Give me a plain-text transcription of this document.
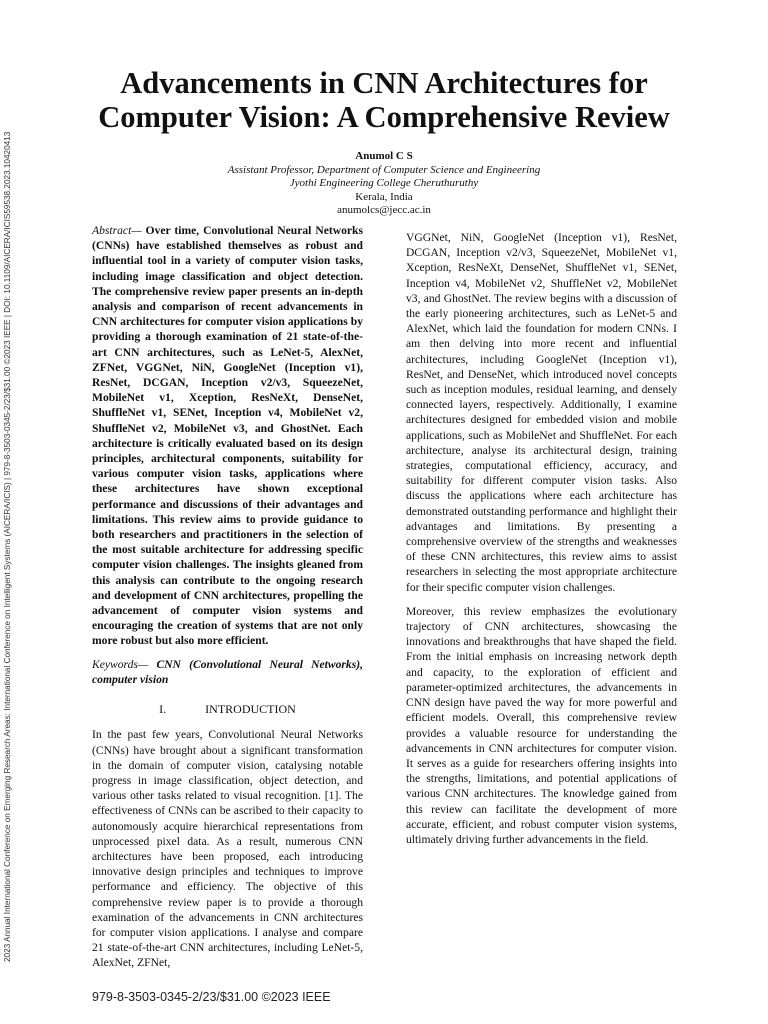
2023 Annual International Conference on Emerging Research Areas: International Conference on Intelligent Systems (AICERA/ICIS) | 979-8-3503-0345-2/23/$31.00 ©2023 IEEE | DOI: 10.1109/AICERA/ICIS59538.2023.10420413
Advancements in CNN Architectures for Computer Vision: A Comprehensive Review
Anumol C S
Assistant Professor, Department of Computer Science and Engineering
Jyothi Engineering College Cheruthuruthy
Kerala, India
anumolcs@jecc.ac.in

Abstract— Over time, Convolutional Neural Networks (CNNs) have established themselves as robust and influential tool in a variety of computer vision tasks, including image classification and object detection. The comprehensive review paper presents an in-depth analysis and comparison of recent advancements in CNN architectures for computer vision applications by providing a thorough examination of 21 state-of-the-art CNN architectures, such as LeNet-5, AlexNet, ZFNet, VGGNet, NiN, GoogleNet (Inception v1), ResNet, DCGAN, Inception v2/v3, SqueezeNet, MobileNet v1, Xception, ResNeXt, DenseNet, ShuffleNet v1, SENet, Inception v4, MobileNet v2, ShuffleNet v2, MobileNet v3, and GhostNet. Each architecture is critically evaluated based on its design principles, architectural components, suitability for various computer vision tasks, applications where these architectures have shown exceptional performance and discussions of their advantages and limitations. This review aims to provide guidance to both researchers and practitioners in the selection of the most suitable architecture for addressing specific computer vision challenges. The insights gleaned from this analysis can contribute to the ongoing research and development of CNN architectures, propelling the advancement of computer vision systems and encouraging the creation of systems that are not only more robust but also more efficient.

Keywords— CNN (Convolutional Neural Networks), computer vision

I.	INTRODUCTION

In the past few years, Convolutional Neural Networks (CNNs) have brought about a significant transformation in the domain of computer vision, catalysing notable progress in image classification, object detection, and various other tasks related to visual recognition. [1]. The effectiveness of CNNs can be ascribed to their capacity to autonomously acquire hierarchical representations from unprocessed pixel data. As a result, numerous CNN architectures have been proposed, each introducing innovative design principles and techniques to improve performance and efficiency. The objective of this comprehensive review paper is to provide a thorough examination of the advancements in CNN architectures for computer vision applications. I analyse and compare 21 state-of-the-art CNN architectures, including LeNet-5, AlexNet, ZFNet,

VGGNet, NiN, GoogleNet (Inception v1), ResNet, DCGAN, Inception v2/v3, SqueezeNet, MobileNet v1, Xception, ResNeXt, DenseNet, ShuffleNet v1, SENet, Inception v4, MobileNet v2, ShuffleNet v2, MobileNet v3, and GhostNet. The review begins with a discussion of the early pioneering architectures, such as LeNet-5 and AlexNet, which laid the foundation for modern CNNs. I am then delving into more recent and influential architectures, including GoogleNet (Inception v1), ResNet, and DenseNet, which introduced novel concepts such as inception modules, residual learning, and densely connected layers, respectively. Additionally, I examine architectures designed for embedded vision and mobile applications, such as MobileNet and ShuffleNet. For each architecture, analyse its architectural design, training strategies, computational efficiency, accuracy, and suitability for different computer vision tasks. Also discuss the applications where each architecture has demonstrated outstanding performance and highlight their advantages and limitations. By presenting a comprehensive overview of the strengths and weaknesses of these CNN architectures, this review aims to assist researchers in selecting the most appropriate architecture for their specific computer vision challenges.

Moreover, this review emphasizes the evolutionary trajectory of CNN architectures, showcasing the innovations and breakthroughs that have shaped the field. From the initial emphasis on increasing network depth and capacity, to the exploration of efficient and parameter-optimized architectures, the advancements in CNN design have paved the way for more powerful and efficient models. Overall, this comprehensive review provides a valuable resource for understanding the advancements in CNN architectures for computer vision. It serves as a guide for researchers offering insights into the strengths, limitations, and potential applications of various CNN architectures. The knowledge gained from this review can facilitate the development of more accurate, efficient, and robust computer vision systems, ultimately driving further advancements in the field.

979-8-3503-0345-2/23/$31.00 ©2023 IEEE
